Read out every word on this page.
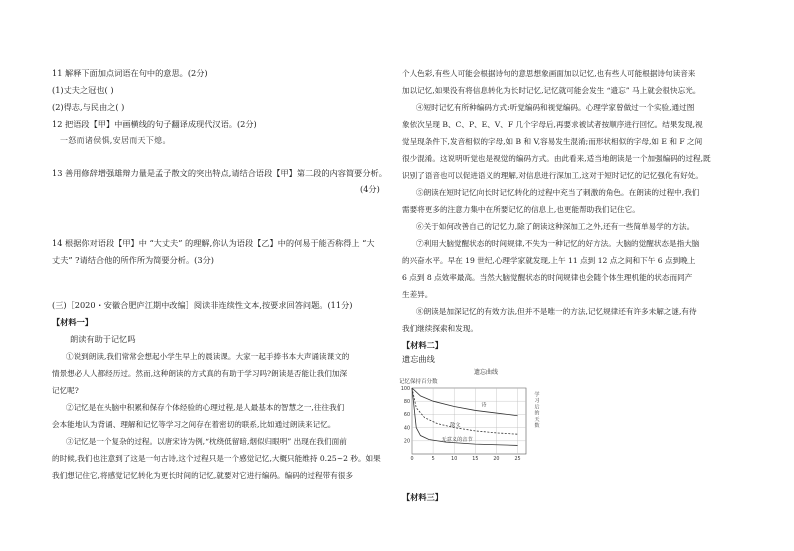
11 解释下面加点词语在句中的意思。(2分)
(1)丈夫之冠也( )
(2)得志,与民由之( )
12 把语段【甲】中画横线的句子翻译成现代汉语。(2分)
一怒而诸侯惧,安居而天下熄。
13 善用修辞增强雄辩力量是孟子散文的突出特点,请结合语段【甲】第二段的内容简要分析。
(4分)
14 根据你对语段【甲】中 “大丈夫” 的理解,你认为语段【乙】中的何易于能否称得上 “大
丈夫” ?请结合他的所作所为简要分析。(3分)
(三)［2020・安徽合肥庐江期中改编］阅读非连续性文本,按要求回答问题。(11分)
【材料一】
朗读有助于记忆吗
①说到朗读,我们常常会想起小学生早上的晨读课。大家一起手捧书本大声诵读课文的
情景想必人人都经历过。然而,这种朗读的方式真的有助于学习吗?朗读是否能让我们加深
记忆呢?
②记忆是在头脑中积累和保存个体经验的心理过程,是人最基本的智慧之一,往往我们
会本能地认为背诵、理解和记忆等学习之间存在着密切的联系,比如通过朗读来记忆。
③记忆是一个复杂的过程。以唐宋诗为例,“枕绕低留暗,烟似归眼明” 出现在我们面前
的时候,我们也注意到了这是一句古诗,这个过程只是一个感觉记忆,大概只能维持 0.25~2 秒。如果
我们想记住它,将感觉记忆转化为更长时间的记忆,就要对它进行编码。编码的过程带有很多
个人色彩,有些人可能会根据诗句的意思想象画面加以记忆,也有些人可能根据诗句读音来
加以记忆,如果没有将信息转化为长时记忆,记忆就可能会发生 “遗忘” 马上就会很快忘光。
④短时记忆有所种编码方式:听觉编码和视觉编码。心理学家曾做过一个实验,通过图
象依次呈现 B、C、P、E、V、F 几个字母后,再要求被试者按顺序进行回忆。结果发现,视
觉呈现条件下,发音相似的字母,如 B 和 V,容易发生混淆;而形状相似的字母,如 E 和 F 之间
很少混淆。这说明听觉也是视觉的编码方式。由此看来,适当地朗读是一个加强编码的过程,既
识别了语音也可以促进语义的理解,对信息进行深加工,这对于短时记忆的记忆强化有好处。
⑤朗读在短时记忆向长时记忆转化的过程中充当了刺激的角色。在朗读的过程中,我们
需要将更多的注意力集中在所要记忆的信息上,也更能帮助我们记住它。
⑥关于如何改善自己的记忆力,除了朗读这种深加工之外,还有一些简单易学的方法。
⑦利用大脑觉醒状态的时间规律,不失为一种记忆的好方法。大脑的觉醒状态是指大脑
的兴奋水平。早在 19 世纪,心理学家就发现,上午 11 点到 12 点之间和下午 6 点到晚上
6 点到 8 点效率最高。当然大脑觉醒状态的时间规律也会随个体生理机能的状态而同产
生差异。
⑧朗读是加深记忆的有效方法,但并不是唯一的方法,记忆规律还有许多未解之谜,有待
我们继续探索和发现。
【材料二】
遗忘曲线
遗忘曲线
记忆保持百分数
20
40
60
80
100
0	5	10	15	20	25
诗
散文
无意义的音节
学
习
后
的
天
数
【材料三】
